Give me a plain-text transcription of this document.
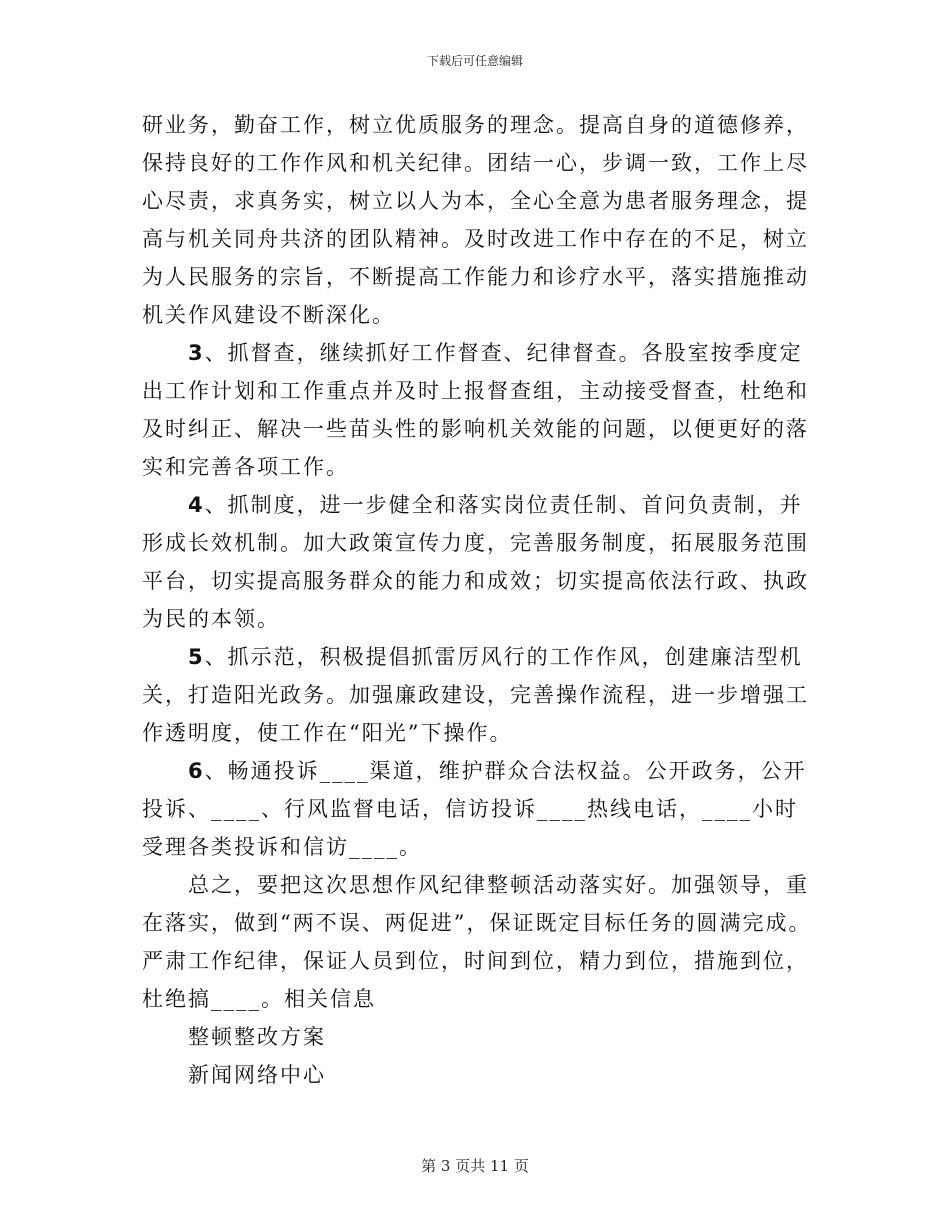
下载后可任意编辑

研业务，勤奋工作，树立优质服务的理念。提高自身的道德修养，保持良好的工作作风和机关纪律。团结一心，步调一致，工作上尽心尽责，求真务实，树立以人为本，全心全意为患者服务理念，提高与机关同舟共济的团队精神。及时改进工作中存在的不足，树立为人民服务的宗旨，不断提高工作能力和诊疗水平，落实措施推动机关作风建设不断深化。

3、抓督查，继续抓好工作督查、纪律督查。各股室按季度定出工作计划和工作重点并及时上报督查组，主动接受督查，杜绝和及时纠正、解决一些苗头性的影响机关效能的问题，以便更好的落实和完善各项工作。

4、抓制度，进一步健全和落实岗位责任制、首问负责制，并形成长效机制。加大政策宣传力度，完善服务制度，拓展服务范围平台，切实提高服务群众的能力和成效；切实提高依法行政、执政为民的本领。

5、抓示范，积极提倡抓雷厉风行的工作作风，创建廉洁型机关，打造阳光政务。加强廉政建设，完善操作流程，进一步增强工作透明度，使工作在“阳光”下操作。

6、畅通投诉____渠道，维护群众合法权益。公开政务，公开投诉、____、行风监督电话，信访投诉____热线电话，____小时受理各类投诉和信访____。

总之，要把这次思想作风纪律整顿活动落实好。加强领导，重在落实，做到“两不误、两促进”，保证既定目标任务的圆满完成。严肃工作纪律，保证人员到位，时间到位，精力到位，措施到位，杜绝搞____。相关信息

整顿整改方案

新闻网络中心

第 3 页共 11 页
